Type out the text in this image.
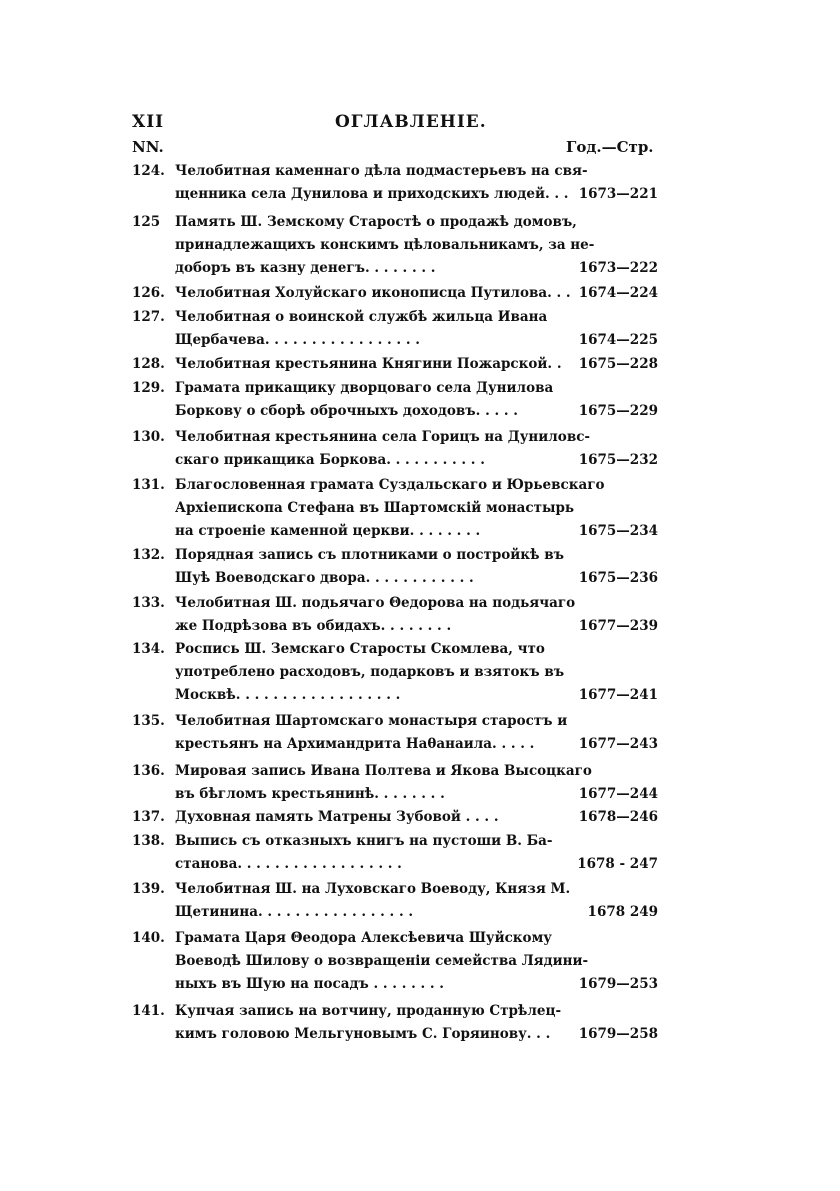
XII	ОГЛАВЛЕНIЕ.
NN.	Год.—Стр.
124. Челобитная каменнаго дѣла подмастерьевъ на свя-
щенника села Дунилова и приходскихъ людей. . . 1673—221
125 Память Ш. Земскому Старостѣ о продажѣ домовъ,
принадлежащихъ конскимъ цѣловальникамъ, за не-
доборъ въ казну денегъ. . . . . . . .	1673—222
126. Челобитная Холуйскаго иконописца Путилова. . . 1674—224
127. Челобитная о воинской службѣ жильца Ивана
Щербачева. . . . . . . . . . . . . . . . .	1674—225
128. Челобитная крестьянина Княгини Пожарской. .	1675—228
129. Грамата прикащику дворцоваго села Дунилова
Боркову о сборѣ оброчныхъ доходовъ. . . . .	1675—229
130. Челобитная крестьянина села Горицъ на Дуниловс-
скаго прикащика Боркова. . . . . . . . . . .	1675—232
131. Благословенная грамата Суздальскаго и Юрьевскаго
Архiепископа Стефана въ Шартомскiй монастырь
на строенiе каменной церкви. . . . . . . .	1675—234
132. Порядная запись съ плотниками о постройкѣ въ
Шуѣ Воеводскаго двора. . . . . . . . . . . .	1675—236
133. Челобитная Ш. подьячаго Θедорова на подьячаго
же Подрѣзова въ обидахъ. . . . . . . .	1677—239
134. Роспись Ш. Земскаго Старосты Скомлева, что
употреблено расходовъ, подарковъ и взятокъ въ
Москвѣ. . . . . . . . . . . . . . . . . .	1677—241
135. Челобитная Шартомскаго монастыря старостъ и
крестьянъ на Архимандрита Наθанаила. . . . .	1677—243
136. Мировая запись Ивана Полтева и Якова Высоцкаго
въ бѣгломъ крестьянинѣ. . . . . . . .	1677—244
137. Духовная память Матрены Зубовой . . . .	1678—246
138. Выпись съ отказныхъ книгъ на пустоши В. Ба-
станова. . . . . . . . . . . . . . . . . .	1678 - 247
139. Челобитная Ш. на Луховскаго Воеводу, Князя М.
Щетинина. . . . . . . . . . . . . . . . .	1678 249
140. Грамата Царя Θеодора Алексѣевича Шуйскому
Воеводѣ Шилову о возвращенiи семейства Лядини-
ныхъ въ Шую на посадъ . . . . . . . .	1679—253
141. Купчая запись на вотчину, проданную Стрѣлец-
кимъ головою Мельгуновымъ С. Горяинову. . .	1679—258
